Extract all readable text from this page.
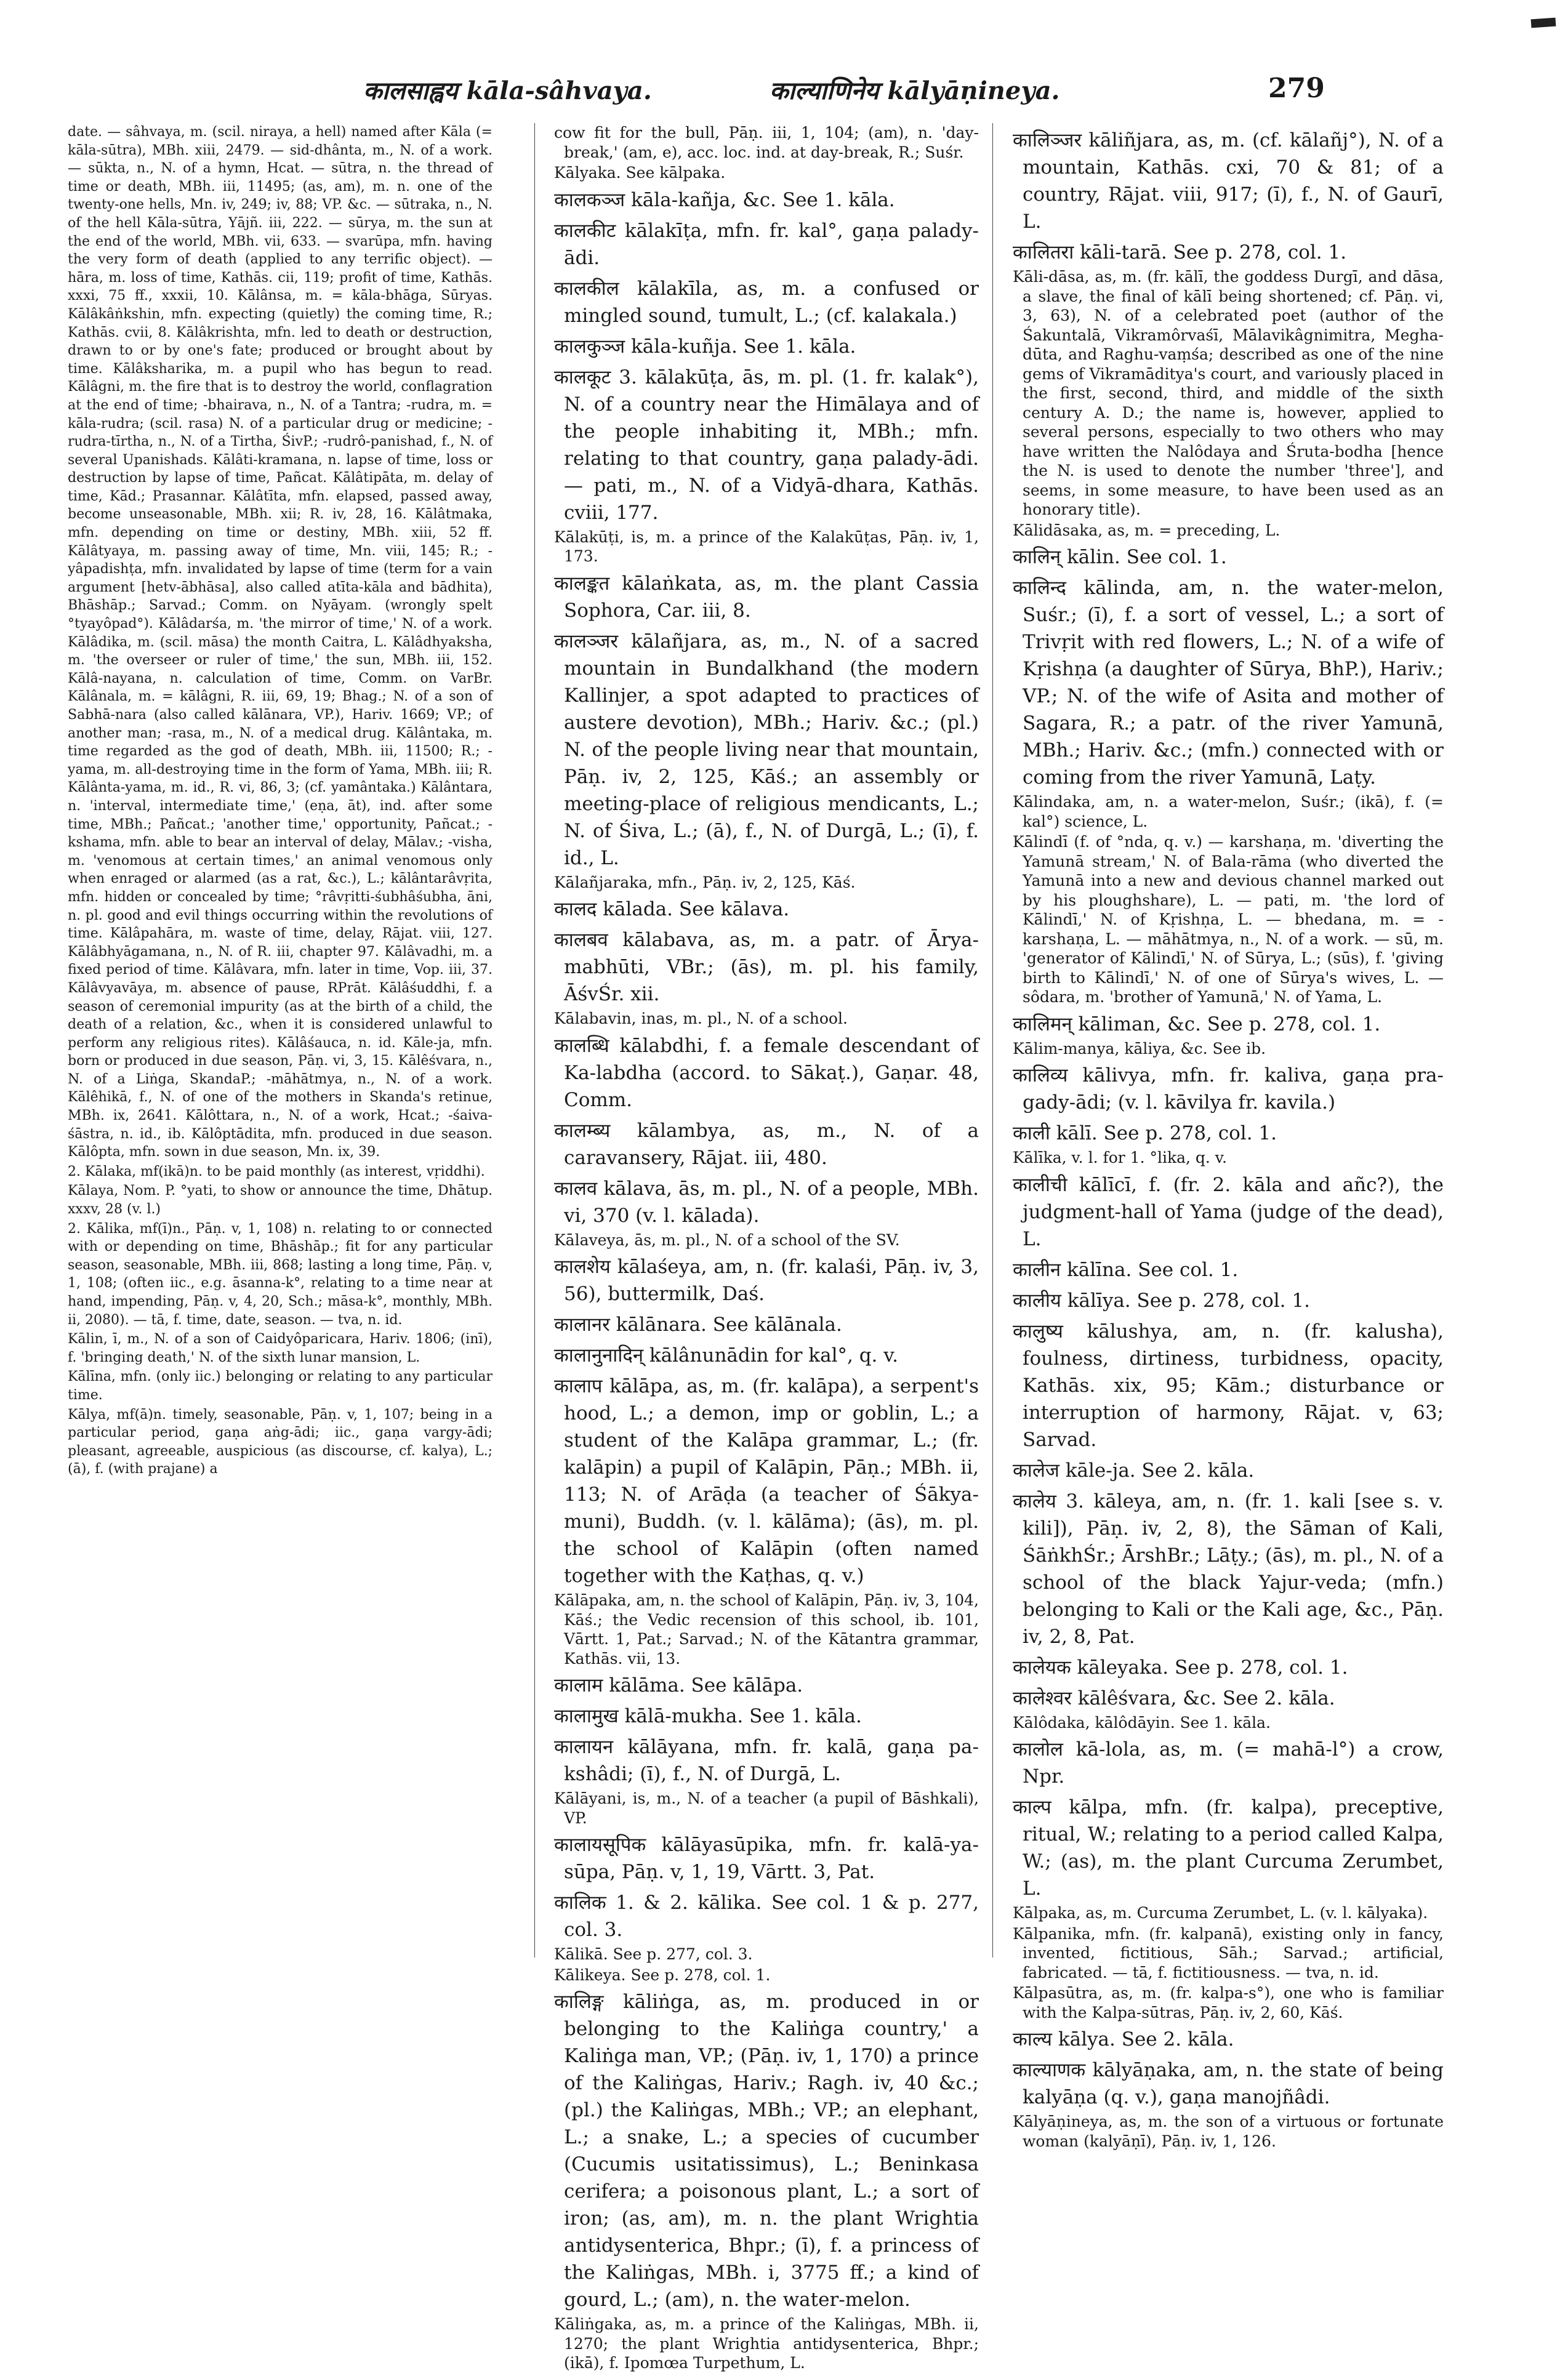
कालसाह्वय kāla-sâhvaya.	काल्याणिनेय kālyāṇineya.	279

date. — sâhvaya, m. (scil. niraya, a hell) named after Kāla (= kāla-sūtra), MBh. xiii, 2479. — sid-dhânta, m., N. of a work. — sūkta, n., N. of a hymn, Hcat. — sūtra, n. the thread of time or death, MBh. iii, 11495; (as, am), m. n. one of the twenty-one hells, Mn. iv, 249; iv, 88; VP. &c. — sūtraka, n., N. of the hell Kāla-sūtra, Yājñ. iii, 222. — sūrya, m. the sun at the end of the world, MBh. vii, 633. — svarūpa, mfn. having the very form of death (applied to any terrific object). — hāra, m. loss of time, Kathās. cii, 119; profit of time, Kathās. xxxi, 75 ff., xxxii, 10. Kālânsa, m. = kāla-bhāga, Sūryas. Kālâkâṅkshin, mfn. expecting (quietly) the coming time, R.; Kathās. cvii, 8. Kālâkrishta, mfn. led to death or destruction, drawn to or by one's fate; produced or brought about by time. Kālâksharika, m. a pupil who has begun to read. Kālâgni, m. the fire that is to destroy the world, conflagration at the end of time; -bhairava, n., N. of a Tantra; -rudra, m. = kāla-rudra; (scil. rasa) N. of a particular drug or medicine; -rudra-tīrtha, n., N. of a Tirtha, ŚivP.; -rudrô-panishad, f., N. of several Upanishads. Kālâti-kramana, n. lapse of time, loss or destruction by lapse of time, Pañcat. Kālâtipāta, m. delay of time, Kād.; Prasannar. Kālâtīta, mfn. elapsed, passed away, become unseasonable, MBh. xii; R. iv, 28, 16. Kālâtmaka, mfn. depending on time or destiny, MBh. xiii, 52 ff. Kālâtyaya, m. passing away of time, Mn. viii, 145; R.; -yâpadishṭa, mfn. invalidated by lapse of time (term for a vain argument [hetv-ābhāsa], also called atīta-kāla and bādhita), Bhāshāp.; Sarvad.; Comm. on Nyāyam. (wrongly spelt °tyayôpad°). Kālâdarśa, m. 'the mirror of time,' N. of a work. Kālâdika, m. (scil. māsa) the month Caitra, L. Kālâdhyaksha, m. 'the overseer or ruler of time,' the sun, MBh. iii, 152. Kālâ-nayana, n. calculation of time, Comm. on VarBr. Kālânala, m. = kālâgni, R. iii, 69, 19; Bhag.; N. of a son of Sabhā-nara (also called kālānara, VP.), Hariv. 1669; VP.; of another man; -rasa, m., N. of a medical drug. Kālântaka, m. time regarded as the god of death, MBh. iii, 11500; R.; -yama, m. all-destroying time in the form of Yama, MBh. iii; R. Kālânta-yama, m. id., R. vi, 86, 3; (cf. yamântaka.) Kālântara, n. 'interval, intermediate time,' (eṇa, āt), ind. after some time, MBh.; Pañcat.; 'another time,' opportunity, Pañcat.; -kshama, mfn. able to bear an interval of delay, Mālav.; -visha, m. 'venomous at certain times,' an animal venomous only when enraged or alarmed (as a rat, &c.), L.; kālântarâvṛita, mfn. hidden or concealed by time; °râvṛitti-śubhâśubha, āni, n. pl. good and evil things occurring within the revolutions of time. Kālâpahāra, m. waste of time, delay, Rājat. viii, 127. Kālâbhyāgamana, n., N. of R. iii, chapter 97. Kālâvadhi, m. a fixed period of time. Kālâvara, mfn. later in time, Vop. iii, 37. Kālâvyavāya, m. absence of pause, RPrāt. Kālâśuddhi, f. a season of ceremonial impurity (as at the birth of a child, the death of a relation, &c., when it is considered unlawful to perform any religious rites). Kālâśauca, n. id. Kāle-ja, mfn. born or produced in due season, Pāṇ. vi, 3, 15. Kālêśvara, n., N. of a Liṅga, SkandaP.; -māhātmya, n., N. of a work. Kālêhikā, f., N. of one of the mothers in Skanda's retinue, MBh. ix, 2641. Kālôttara, n., N. of a work, Hcat.; -śaiva-śāstra, n. id., ib. Kālôptādita, mfn. produced in due season. Kālôpta, mfn. sown in due season, Mn. ix, 39.

2. Kālaka, mf(ikā)n. to be paid monthly (as interest, vṛiddhi).

Kālaya, Nom. P. °yati, to show or announce the time, Dhātup. xxxv, 28 (v. l.)

2. Kālika, mf(ī)n., Pāṇ. v, 1, 108) n. relating to or connected with or depending on time, Bhāshāp.; fit for any particular season, seasonable, MBh. iii, 868; lasting a long time, Pāṇ. v, 1, 108; (often iic., e.g. āsanna-k°, relating to a time near at hand, impending, Pāṇ. v, 4, 20, Sch.; māsa-k°, monthly, MBh. ii, 2080). — tā, f. time, date, season. — tva, n. id.

Kālin, ī, m., N. of a son of Caidyôparicara, Hariv. 1806; (inī), f. 'bringing death,' N. of the sixth lunar mansion, L.

Kālīna, mfn. (only iic.) belonging or relating to any particular time.

Kālya, mf(ā)n. timely, seasonable, Pāṇ. v, 1, 107; being in a particular period, gaṇa aṅg-ādi; iic., gaṇa vargy-ādi; pleasant, agreeable, auspicious (as discourse, cf. kalya), L.; (ā), f. (with prajane) a

cow fit for the bull, Pāṇ. iii, 1, 104; (am), n. 'day-break,' (am, e), acc. loc. ind. at day-break, R.; Suśr.

Kālyaka. See kālpaka.

कालकञ्ज kāla-kañja, &c. See 1. kāla.

कालकीट kālakīṭa, mfn. fr. kal°, gaṇa palady-ādi.

कालकील kālakīla, as, m. a confused or mingled sound, tumult, L.; (cf. kalakala.)

कालकुञ्ज kāla-kuñja. See 1. kāla.

कालकूट 3. kālakūṭa, ās, m. pl. (1. fr. kalak°), N. of a country near the Himālaya and of the people inhabiting it, MBh.; mfn. relating to that country, gaṇa palady-ādi. — pati, m., N. of a Vidyā-dhara, Kathās. cviii, 177.

Kālakūṭi, is, m. a prince of the Kalakūṭas, Pāṇ. iv, 1, 173.

कालङ्कत kālaṅkata, as, m. the plant Cassia Sophora, Car. iii, 8.

कालञ्जर kālañjara, as, m., N. of a sacred mountain in Bundalkhand (the modern Kallinjer, a spot adapted to practices of austere devotion), MBh.; Hariv. &c.; (pl.) N. of the people living near that mountain, Pāṇ. iv, 2, 125, Kāś.; an assembly or meeting-place of religious mendicants, L.; N. of Śiva, L.; (ā), f., N. of Durgā, L.; (ī), f. id., L.

Kālañjaraka, mfn., Pāṇ. iv, 2, 125, Kāś.

कालद kālada. See kālava.

कालबव kālabava, as, m. a patr. of Ārya-mabhūti, VBr.; (ās), m. pl. his family, ĀśvŚr. xii.

Kālabavin, inas, m. pl., N. of a school.

कालब्धि kālabdhi, f. a female descendant of Ka-labdha (accord. to Sākaṭ.), Gaṇar. 48, Comm.

कालम्ब्य kālambya, as, m., N. of a caravansery, Rājat. iii, 480.

कालव kālava, ās, m. pl., N. of a people, MBh. vi, 370 (v. l. kālada).

Kālaveya, ās, m. pl., N. of a school of the SV.

कालशेय kālaśeya, am, n. (fr. kalaśi, Pāṇ. iv, 3, 56), buttermilk, Daś.

कालानर kālānara. See kālānala.

कालानुनादिन् kālânunādin for kal°, q. v.

कालाप kālāpa, as, m. (fr. kalāpa), a serpent's hood, L.; a demon, imp or goblin, L.; a student of the Kalāpa grammar, L.; (fr. kalāpin) a pupil of Kalāpin, Pāṇ.; MBh. ii, 113; N. of Arāḍa (a teacher of Śākya-muni), Buddh. (v. l. kālāma); (ās), m. pl. the school of Kalāpin (often named together with the Kaṭhas, q. v.)

Kālāpaka, am, n. the school of Kalāpin, Pāṇ. iv, 3, 104, Kāś.; the Vedic recension of this school, ib. 101, Vārtt. 1, Pat.; Sarvad.; N. of the Kātantra grammar, Kathās. vii, 13.

कालाम kālāma. See kālāpa.

कालामुख kālā-mukha. See 1. kāla.

कालायन kālāyana, mfn. fr. kalā, gaṇa pa-kshâdi; (ī), f., N. of Durgā, L.

Kālāyani, is, m., N. of a teacher (a pupil of Bāshkali), VP.

कालायसूपिक kālāyasūpika, mfn. fr. kalā-ya-sūpa, Pāṇ. v, 1, 19, Vārtt. 3, Pat.

कालिक 1. & 2. kālika. See col. 1 & p. 277, col. 3.

Kālikā. See p. 277, col. 3.

Kālikeya. See p. 278, col. 1.

कालिङ्ग kāliṅga, as, m. produced in or belonging to the Kaliṅga country,' a Kaliṅga man, VP.; (Pāṇ. iv, 1, 170) a prince of the Kaliṅgas, Hariv.; Ragh. iv, 40 &c.; (pl.) the Kaliṅgas, MBh.; VP.; an elephant, L.; a snake, L.; a species of cucumber (Cucumis usitatissimus), L.; Beninkasa cerifera; a poisonous plant, L.; a sort of iron; (as, am), m. n. the plant Wrightia antidysenterica, Bhpr.; (ī), f. a princess of the Kaliṅgas, MBh. i, 3775 ff.; a kind of gourd, L.; (am), n. the water-melon.

Kāliṅgaka, as, m. a prince of the Kaliṅgas, MBh. ii, 1270; the plant Wrightia antidysenterica, Bhpr.; (ikā), f. Ipomœa Turpethum, L.

कालिञ्जर kāliñjara, as, m. (cf. kālañj°), N. of a mountain, Kathās. cxi, 70 & 81; of a country, Rājat. viii, 917; (ī), f., N. of Gaurī, L.

कालितरा kāli-tarā. See p. 278, col. 1.

Kāli-dāsa, as, m. (fr. kālī, the goddess Durgī, and dāsa, a slave, the final of kālī being shortened; cf. Pāṇ. vi, 3, 63), N. of a celebrated poet (author of the Śakuntalā, Vikramôrvaśī, Mālavikâgnimitra, Megha-dūta, and Raghu-vaṃśa; described as one of the nine gems of Vikramāditya's court, and variously placed in the first, second, third, and middle of the sixth century A. D.; the name is, however, applied to several persons, especially to two others who may have written the Nalôdaya and Śruta-bodha [hence the N. is used to denote the number 'three'], and seems, in some measure, to have been used as an honorary title).

Kālidāsaka, as, m. = preceding, L.

कालिन् kālin. See col. 1.

कालिन्द kālinda, am, n. the water-melon, Suśr.; (ī), f. a sort of vessel, L.; a sort of Trivṛit with red flowers, L.; N. of a wife of Kṛishṇa (a daughter of Sūrya, BhP.), Hariv.; VP.; N. of the wife of Asita and mother of Sagara, R.; a patr. of the river Yamunā, MBh.; Hariv. &c.; (mfn.) connected with or coming from the river Yamunā, Laṭy.

Kālindaka, am, n. a water-melon, Suśr.; (ikā), f. (= kal°) science, L.

Kālindī (f. of °nda, q. v.) — karshaṇa, m. 'diverting the Yamunā stream,' N. of Bala-rāma (who diverted the Yamunā into a new and devious channel marked out by his ploughshare), L. — pati, m. 'the lord of Kālindī,' N. of Kṛishṇa, L. — bhedana, m. = -karshaṇa, L. — māhātmya, n., N. of a work. — sū, m. 'generator of Kālindī,' N. of Sūrya, L.; (sūs), f. 'giving birth to Kālindī,' N. of one of Sūrya's wives, L. — sôdara, m. 'brother of Yamunā,' N. of Yama, L.

कालिमन् kāliman, &c. See p. 278, col. 1.

Kālim-manya, kāliya, &c. See ib.

कालिव्य kālivya, mfn. fr. kaliva, gaṇa pra-gady-ādi; (v. l. kāvilya fr. kavila.)

काली kālī. See p. 278, col. 1.

Kālīka, v. l. for 1. °lika, q. v.

कालीची kālīcī, f. (fr. 2. kāla and añc?), the judgment-hall of Yama (judge of the dead), L.

कालीन kālīna. See col. 1.

कालीय kālīya. See p. 278, col. 1.

कालुष्य kālushya, am, n. (fr. kalusha), foulness, dirtiness, turbidness, opacity, Kathās. xix, 95; Kām.; disturbance or interruption of harmony, Rājat. v, 63; Sarvad.

कालेज kāle-ja. See 2. kāla.

कालेय 3. kāleya, am, n. (fr. 1. kali [see s. v. kili]), Pāṇ. iv, 2, 8), the Sāman of Kali, ŚāṅkhŚr.; ĀrshBr.; Lāṭy.; (ās), m. pl., N. of a school of the black Yajur-veda; (mfn.) belonging to Kali or the Kali age, &c., Pāṇ. iv, 2, 8, Pat.

कालेयक kāleyaka. See p. 278, col. 1.

कालेश्वर kālêśvara, &c. See 2. kāla.

Kālôdaka, kālôdāyin. See 1. kāla.

कालोल kā-lola, as, m. (= mahā-l°) a crow, Npr.

काल्प kālpa, mfn. (fr. kalpa), preceptive, ritual, W.; relating to a period called Kalpa, W.; (as), m. the plant Curcuma Zerumbet, L.

Kālpaka, as, m. Curcuma Zerumbet, L. (v. l. kālyaka).

Kālpanika, mfn. (fr. kalpanā), existing only in fancy, invented, fictitious, Sāh.; Sarvad.; artificial, fabricated. — tā, f. fictitiousness. — tva, n. id.

Kālpasūtra, as, m. (fr. kalpa-s°), one who is familiar with the Kalpa-sūtras, Pāṇ. iv, 2, 60, Kāś.

काल्य kālya. See 2. kāla.

काल्याणक kālyāṇaka, am, n. the state of being kalyāṇa (q. v.), gaṇa manojñâdi.

Kālyāṇineya, as, m. the son of a virtuous or fortunate woman (kalyāṇī), Pāṇ. iv, 1, 126.
